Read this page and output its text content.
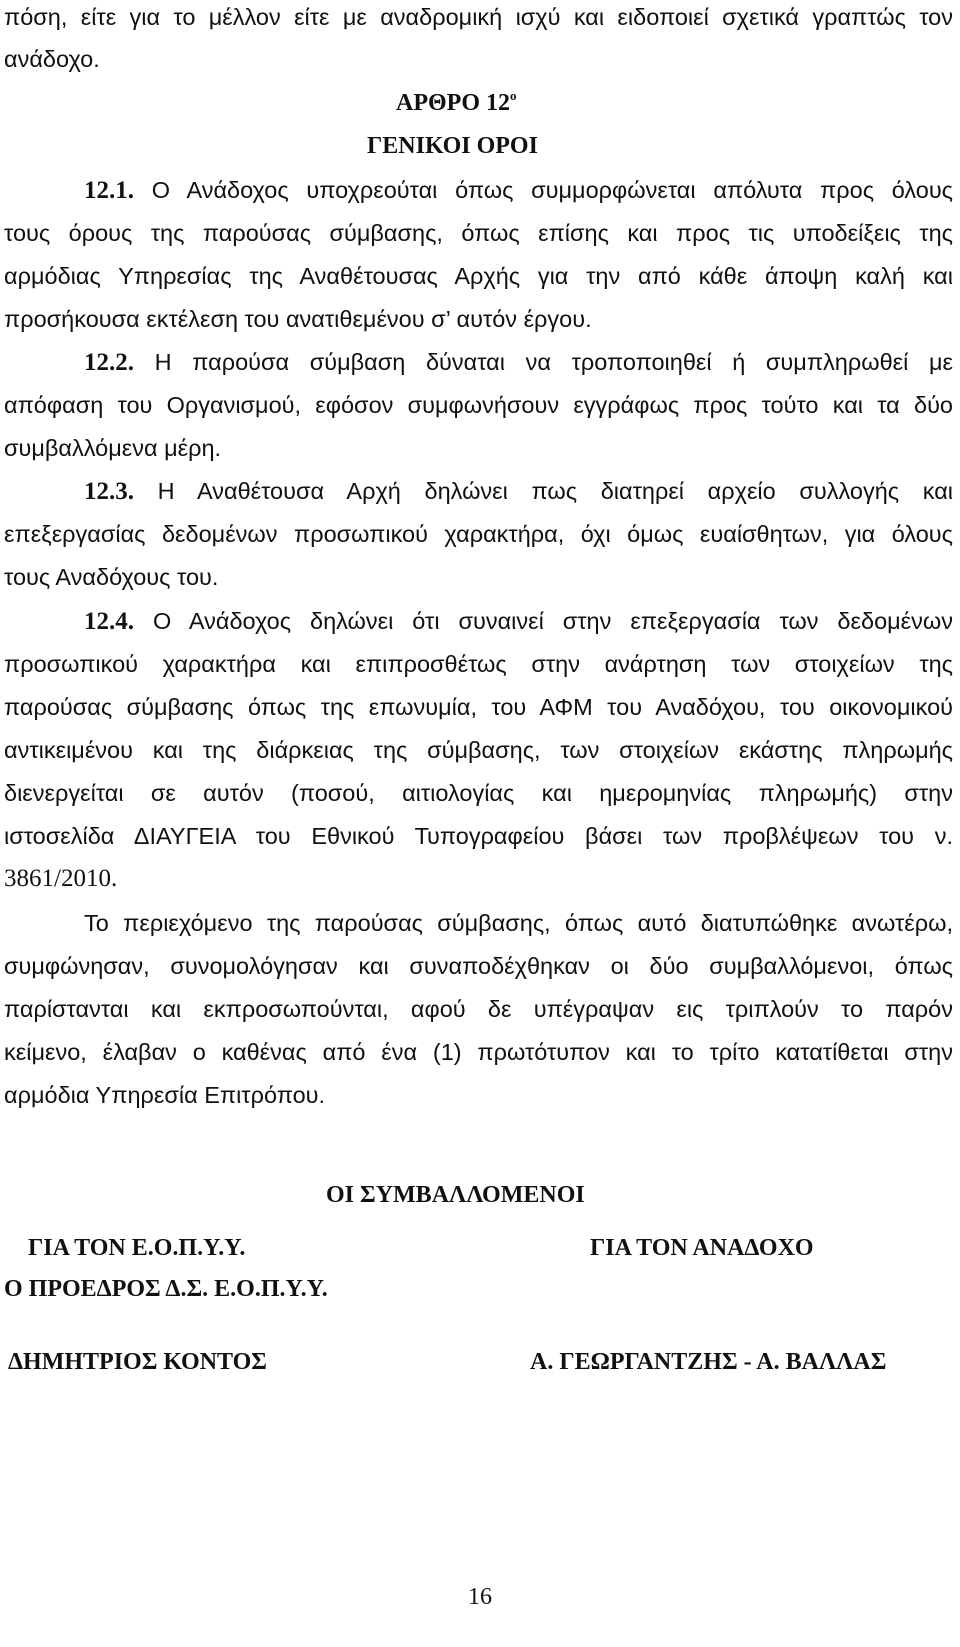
πόση, είτε για το μέλλον είτε με αναδρομική ισχύ και ειδοποιεί σχετικά γραπτώς τον
ανάδοχο.
ΑΡΘΡΟ $12^o$
ΓΕΝΙΚΟΙ ΟΡΟΙ
12.1. Ο Ανάδοχος υποχρεούται όπως συμμορφώνεται απόλυτα προς όλους
τους όρους της παρούσας σύμβασης, όπως επίσης και προς τις υποδείξεις της
αρμόδιας Υπηρεσίας της Αναθέτουσας Αρχής για την από κάθε άποψη καλή και
προσήκουσα εκτέλεση του ανατιθεμένου σ’ αυτόν έργου.
12.2. Η παρούσα σύμβαση δύναται να τροποποιηθεί ή συμπληρωθεί με
απόφαση του Οργανισμού, εφόσον συμφωνήσουν εγγράφως προς τούτο και τα δύο
συμβαλλόμενα μέρη.
12.3. Η Αναθέτουσα Αρχή δηλώνει πως διατηρεί αρχείο συλλογής και
επεξεργασίας δεδομένων προσωπικού χαρακτήρα, όχι όμως ευαίσθητων, για όλους
τους Αναδόχους του.
12.4. Ο Ανάδοχος δηλώνει ότι συναινεί στην επεξεργασία των δεδομένων
προσωπικού χαρακτήρα και επιπροσθέτως στην ανάρτηση των στοιχείων της
παρούσας σύμβασης όπως της επωνυμία, του ΑΦΜ του Αναδόχου, του οικονομικού
αντικειμένου και της διάρκειας της σύμβασης, των στοιχείων εκάστης πληρωμής
διενεργείται σε αυτόν (ποσού, αιτιολογίας και ημερομηνίας πληρωμής) στην
ιστοσελίδα ΔΙΑΥΓΕΙΑ του Εθνικού Τυπογραφείου βάσει των προβλέψεων του ν.
3861/2010.
Το περιεχόμενο της παρούσας σύμβασης, όπως αυτό διατυπώθηκε ανωτέρω,
συμφώνησαν, συνομολόγησαν και συναποδέχθηκαν οι δύο συμβαλλόμενοι, όπως
παρίστανται και εκπροσωπούνται, αφού δε υπέγραψαν εις τριπλούν το παρόν
κείμενο, έλαβαν ο καθένας από ένα (1) πρωτότυπον και το τρίτο κατατίθεται στην
αρμόδια Υπηρεσία Επιτρόπου.
ΟΙ ΣΥΜΒΑΛΛΟΜΕΝΟΙ
ΓΙΑ ΤΟΝ Ε.Ο.Π.Υ.Υ.	ΓΙΑ ΤΟΝ ΑΝΑΔΟΧΟ
Ο ΠΡΟΕΔΡΟΣ Δ.Σ. Ε.Ο.Π.Υ.Υ.
ΔΗΜΗΤΡΙΟΣ ΚΟΝΤΟΣ	Α. ΓΕΩΡΓΑΝΤΖΗΣ - Α. ΒΑΛΛΑΣ
16
